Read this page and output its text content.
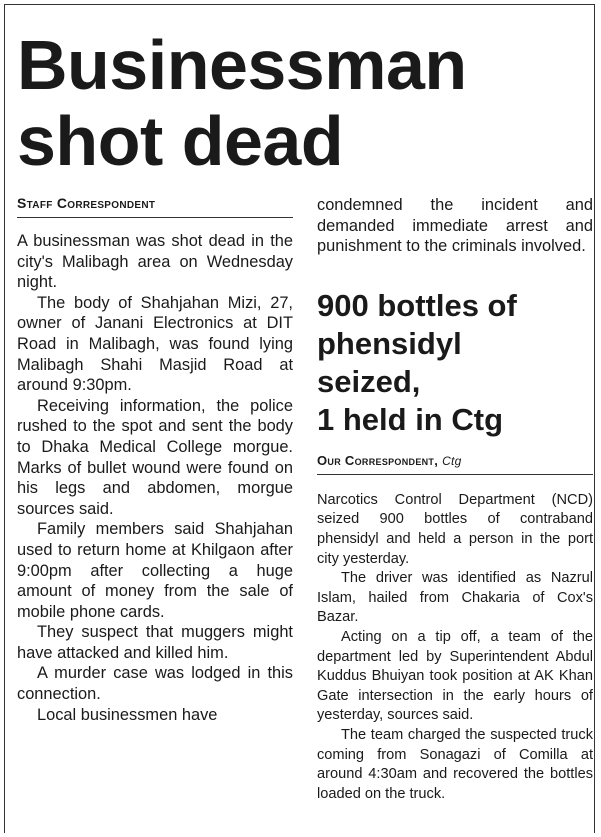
Businessman shot dead
Staff Correspondent

A businessman was shot dead in the city's Malibagh area on Wednesday night.

The body of Shahjahan Mizi, 27, owner of Janani Electronics at DIT Road in Malibagh, was found lying Malibagh Shahi Masjid Road at around 9:30pm.

Receiving information, the police rushed to the spot and sent the body to Dhaka Medical College morgue. Marks of bullet wound were found on his legs and abdomen, morgue sources said.

Family members said Shahjahan used to return home at Khilgaon after 9:00pm after collecting a huge amount of money from the sale of mobile phone cards.

They suspect that muggers might have attacked and killed him.

A murder case was lodged in this connection.

Local businessmen have

condemned the incident and demanded immediate arrest and punishment to the criminals involved.

900 bottles of
phensidyl
seized,
1 held in Ctg
Our Correspondent, Ctg

Narcotics Control Department (NCD) seized 900 bottles of contraband phensidyl and held a person in the port city yesterday.

The driver was identified as Nazrul Islam, hailed from Chakaria of Cox's Bazar.

Acting on a tip off, a team of the department led by Superintendent Abdul Kuddus Bhuiyan took position at AK Khan Gate intersection in the early hours of yesterday, sources said.

The team charged the suspected truck coming from Sonagazi of Comilla at around 4:30am and recovered the bottles loaded on the truck.
